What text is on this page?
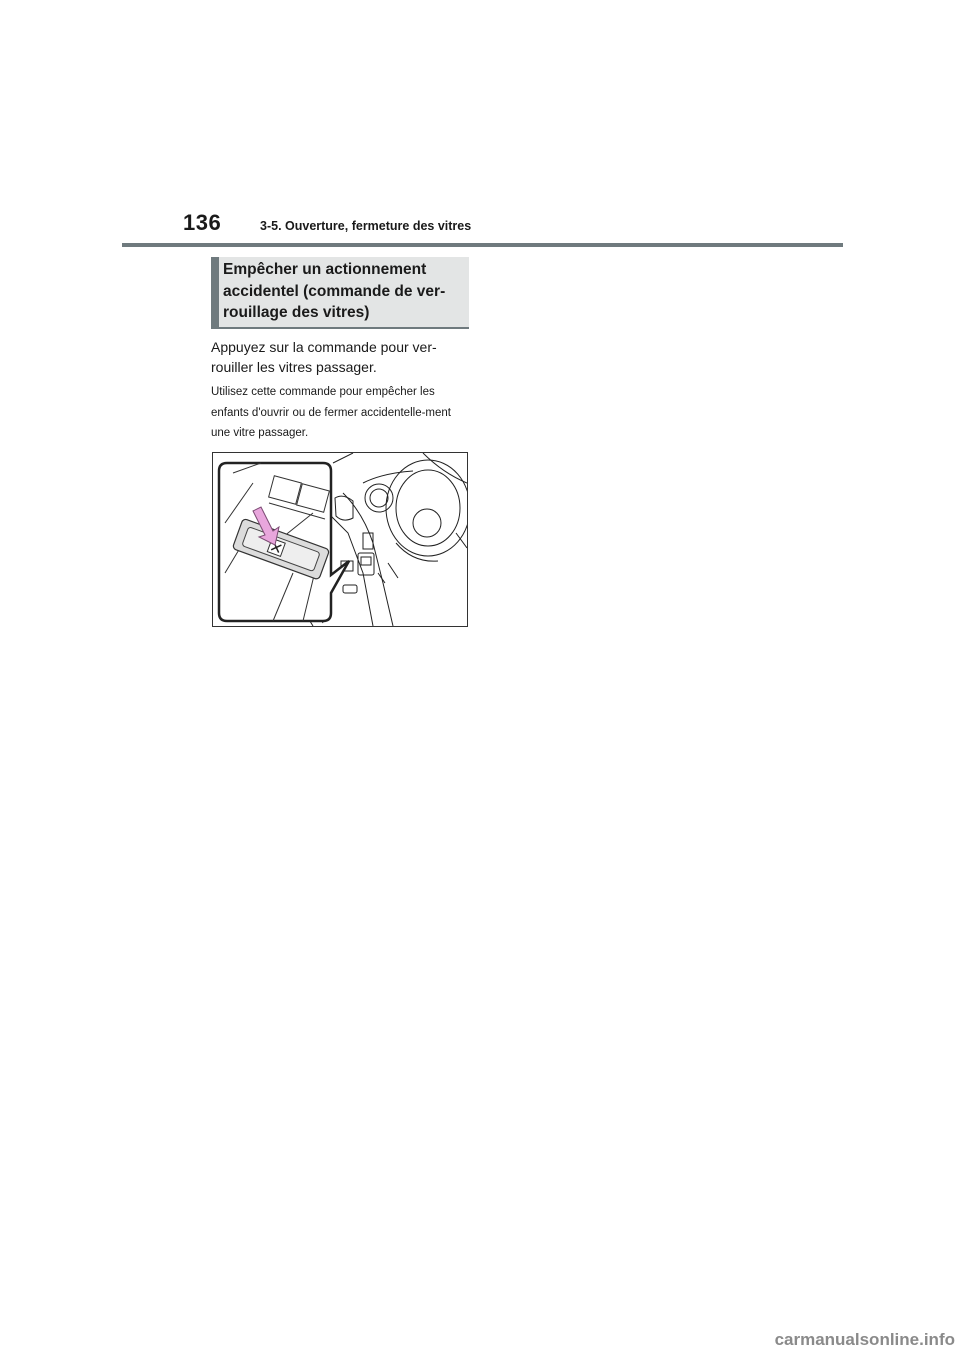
136	3-5. Ouverture, fermeture des vitres
Empêcher un actionnement accidentel (commande de ver-rouillage des vitres)
Appuyez sur la commande pour ver-rouiller les vitres passager.
Utilisez cette commande pour empêcher les enfants d'ouvrir ou de fermer accidentelle-ment une vitre passager.
carmanualsonline.info
